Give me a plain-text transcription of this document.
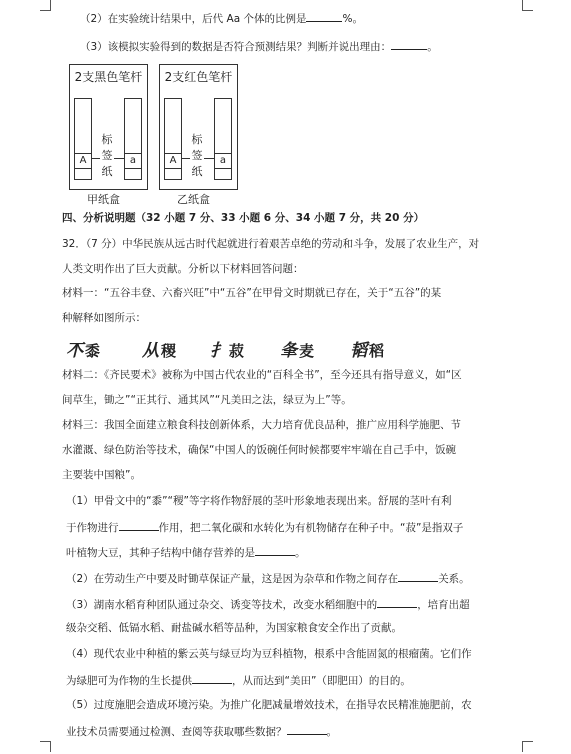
（2）在实验统计结果中，后代 Aa 个体的比例是	%。
（3）该模拟实验得到的数据是否符合预测结果？判断并说出理由：	。
2支黑色笔杆
A	a
标
签
纸
甲纸盒
2支红色笔杆
A	a
标
签
纸
乙纸盒
四、分析说明题（32 小题 7 分、33 小题 6 分、34 小题 7 分，共 20 分）
32．（7 分）中华民族从远古时代起就进行着艰苦卓绝的劳动和斗争，发展了农业生产，对
人类文明作出了巨大贡献。分析以下材料回答问题：
材料一：“五谷丰登、六畜兴旺”中“五谷”在甲骨文时期就已存在，关于“五谷”的某
种解释如图所示：
𣎴黍 从稷 扌菽 夆麦 韬稻
材料二：《齐民要术》被称为中国古代农业的“百科全书”，至今还具有指导意义，如“区
间草生，锄之”“正其行、通其风”“凡美田之法，绿豆为上”等。
材料三：我国全面建立粮食科技创新体系，大力培育优良品种，推广应用科学施肥、节
水灌溉、绿色防治等技术，确保“中国人的饭碗任何时候都要牢牢端在自己手中，饭碗
主要装中国粮”。
（1）甲骨文中的“黍”“稷”等字将作物舒展的茎叶形象地表现出来。舒展的茎叶有利
于作物进行	作用，把二氧化碳和水转化为有机物储存在种子中。“菽”是指双子
叶植物大豆，其种子结构中储存营养的是	。
（2）在劳动生产中要及时锄草保证产量，这是因为杂草和作物之间存在	关系。
（3）湖南水稻育种团队通过杂交、诱变等技术，改变水稻细胞中的	，培育出超
级杂交稻、低镉水稻、耐盐碱水稻等品种，为国家粮食安全作出了贡献。
（4）现代农业中种植的紫云英与绿豆均为豆科植物，根系中含能固氮的根瘤菌。它们作
为绿肥可为作物的生长提供	，从而达到“美田”（即肥田）的目的。
（5）过度施肥会造成环境污染。为推广化肥减量增效技术，在指导农民精准施肥前，农
业技术员需要通过检测、查阅等获取哪些数据？	。
